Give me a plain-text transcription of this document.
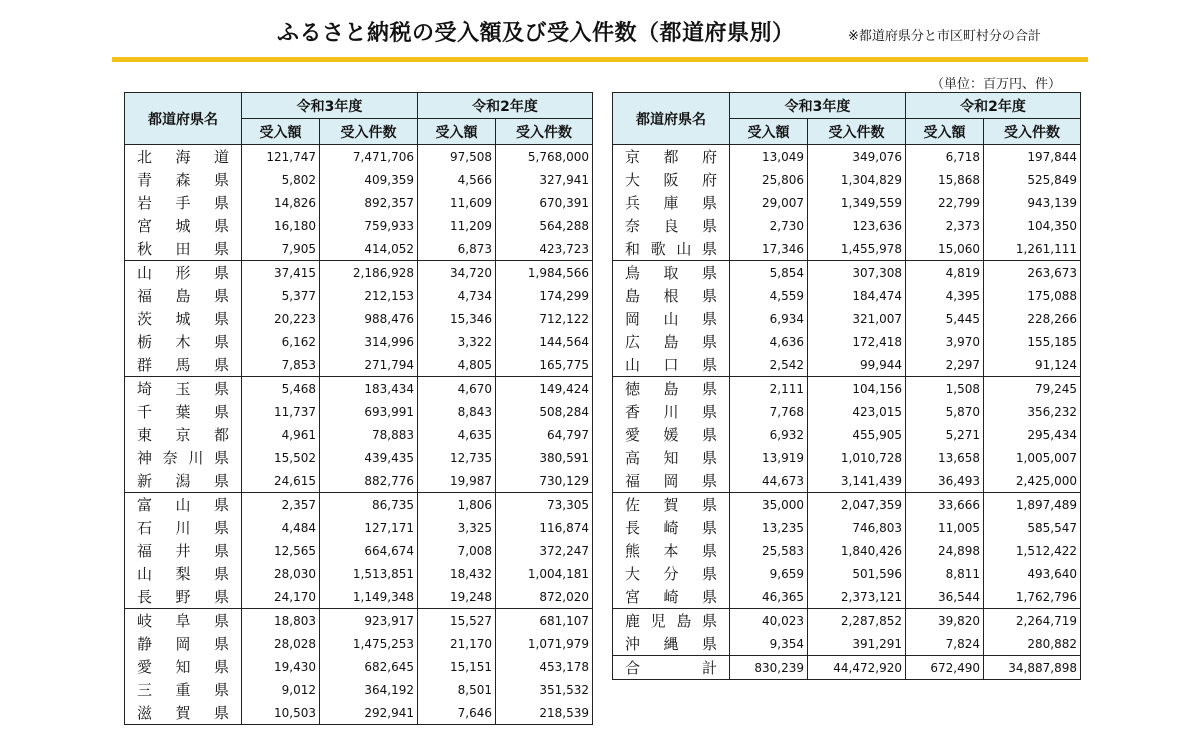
ふるさと納税の受入額及び受入件数（都道府県別）	※都道府県分と市区町村分の合計
（単位：百万円、件）
都道府県名	令和3年度		令和2年度	
	受入額	受入件数	受入額	受入件数

北 海 道	121,747	7,471,706	97,508	5,768,000

青 森 県	5,802	409,359	4,566	327,941

岩 手 県	14,826	892,357	11,609	670,391

宮 城 県	16,180	759,933	11,209	564,288

秋 田 県	7,905	414,052	6,873	423,723

山 形 県	37,415	2,186,928	34,720	1,984,566

福 島 県	5,377	212,153	4,734	174,299

茨 城 県	20,223	988,476	15,346	712,122

栃 木 県	6,162	314,996	3,322	144,564

群 馬 県	7,853	271,794	4,805	165,775

埼 玉 県	5,468	183,434	4,670	149,424

千 葉 県	11,737	693,991	8,843	508,284

東 京 都	4,961	78,883	4,635	64,797

神 奈 川 県	15,502	439,435	12,735	380,591

新 潟 県	24,615	882,776	19,987	730,129

富 山 県	2,357	86,735	1,806	73,305

石 川 県	4,484	127,171	3,325	116,874

福 井 県	12,565	664,674	7,008	372,247

山 梨 県	28,030	1,513,851	18,432	1,004,181

長 野 県	24,170	1,149,348	19,248	872,020

岐 阜 県	18,803	923,917	15,527	681,107

静 岡 県	28,028	1,475,253	21,170	1,071,979

愛 知 県	19,430	682,645	15,151	453,178

三 重 県	9,012	364,192	8,501	351,532

滋 賀 県	10,503	292,941	7,646	218,539
都道府県名	令和3年度		令和2年度	
	受入額	受入件数	受入額	受入件数

京 都 府	13,049	349,076	6,718	197,844

大 阪 府	25,806	1,304,829	15,868	525,849

兵 庫 県	29,007	1,349,559	22,799	943,139

奈 良 県	2,730	123,636	2,373	104,350

和 歌 山 県	17,346	1,455,978	15,060	1,261,111

鳥 取 県	5,854	307,308	4,819	263,673

島 根 県	4,559	184,474	4,395	175,088

岡 山 県	6,934	321,007	5,445	228,266

広 島 県	4,636	172,418	3,970	155,185

山 口 県	2,542	99,944	2,297	91,124

徳 島 県	2,111	104,156	1,508	79,245

香 川 県	7,768	423,015	5,870	356,232

愛 媛 県	6,932	455,905	5,271	295,434

高 知 県	13,919	1,010,728	13,658	1,005,007

福 岡 県	44,673	3,141,439	36,493	2,425,000

佐 賀 県	35,000	2,047,359	33,666	1,897,489

長 崎 県	13,235	746,803	11,005	585,547

熊 本 県	25,583	1,840,426	24,898	1,512,422

大 分 県	9,659	501,596	8,811	493,640

宮 崎 県	46,365	2,373,121	36,544	1,762,796

鹿 児 島 県	40,023	2,287,852	39,820	2,264,719

沖 縄 県	9,354	391,291	7,824	280,882

合 計	830,239	44,472,920	672,490	34,887,898
